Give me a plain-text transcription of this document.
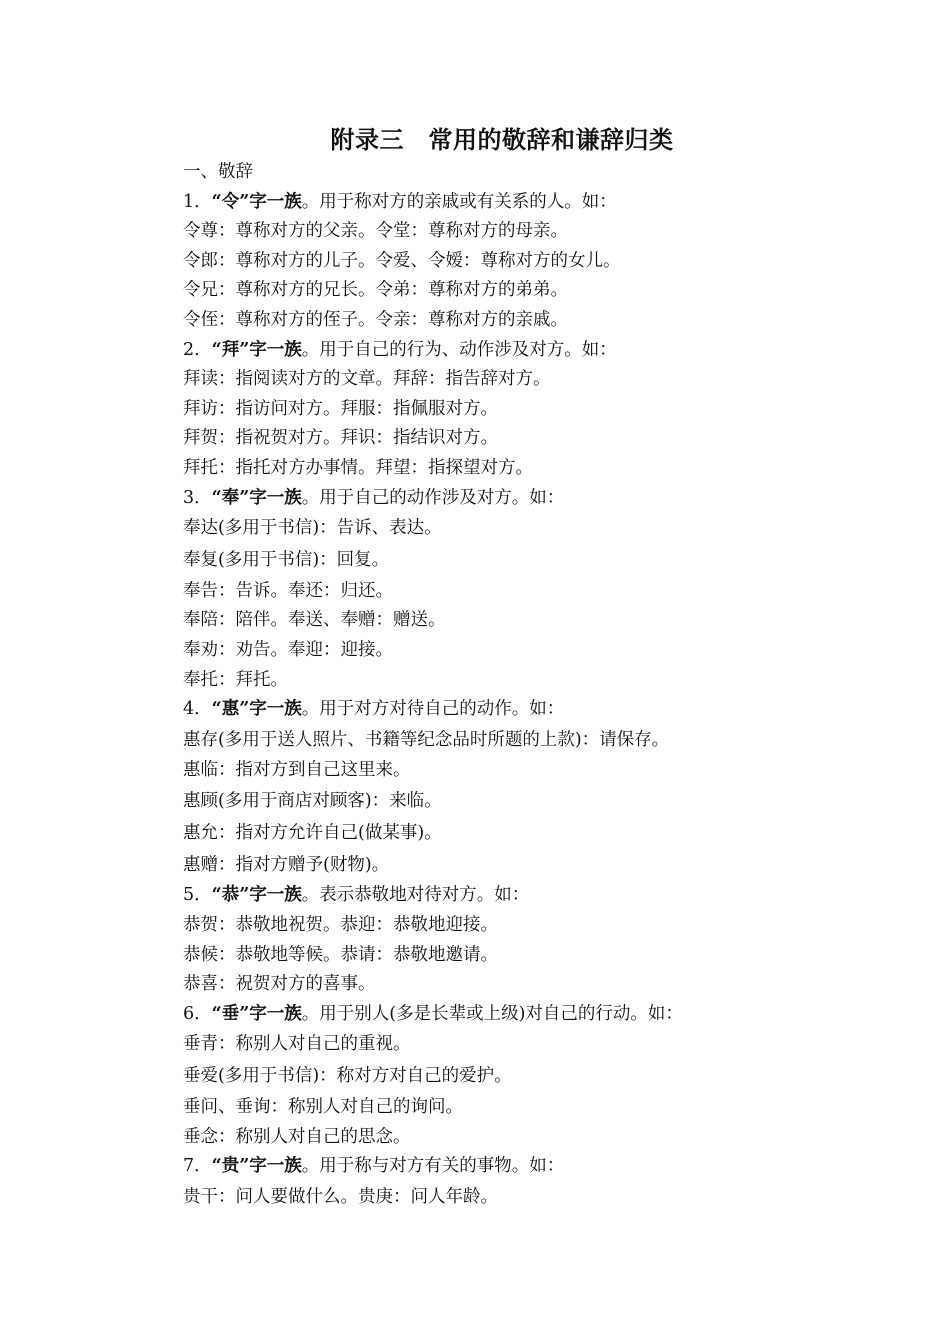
附录三　常用的敬辞和谦辞归类
一、敬辞
1．“令”字一族。用于称对方的亲戚或有关系的人。如：
令尊：尊称对方的父亲。令堂：尊称对方的母亲。
令郎：尊称对方的儿子。令爱、令嫒：尊称对方的女儿。
令兄：尊称对方的兄长。令弟：尊称对方的弟弟。
令侄：尊称对方的侄子。令亲：尊称对方的亲戚。
2．“拜”字一族。用于自己的行为、动作涉及对方。如：
拜读：指阅读对方的文章。拜辞：指告辞对方。
拜访：指访问对方。拜服：指佩服对方。
拜贺：指祝贺对方。拜识：指结识对方。
拜托：指托对方办事情。拜望：指探望对方。
3．“奉”字一族。用于自己的动作涉及对方。如：
奉达(多用于书信)：告诉、表达。
奉复(多用于书信)：回复。
奉告：告诉。奉还：归还。
奉陪：陪伴。奉送、奉赠：赠送。
奉劝：劝告。奉迎：迎接。
奉托：拜托。
4．“惠”字一族。用于对方对待自己的动作。如：
惠存(多用于送人照片、书籍等纪念品时所题的上款)：请保存。
惠临：指对方到自己这里来。
惠顾(多用于商店对顾客)：来临。
惠允：指对方允许自己(做某事)。
惠赠：指对方赠予(财物)。
5．“恭”字一族。表示恭敬地对待对方。如：
恭贺：恭敬地祝贺。恭迎：恭敬地迎接。
恭候：恭敬地等候。恭请：恭敬地邀请。
恭喜：祝贺对方的喜事。
6．“垂”字一族。用于别人(多是长辈或上级)对自己的行动。如：
垂青：称别人对自己的重视。
垂爱(多用于书信)：称对方对自己的爱护。
垂问、垂询：称别人对自己的询问。
垂念：称别人对自己的思念。
7．“贵”字一族。用于称与对方有关的事物。如：
贵干：问人要做什么。贵庚：问人年龄。
